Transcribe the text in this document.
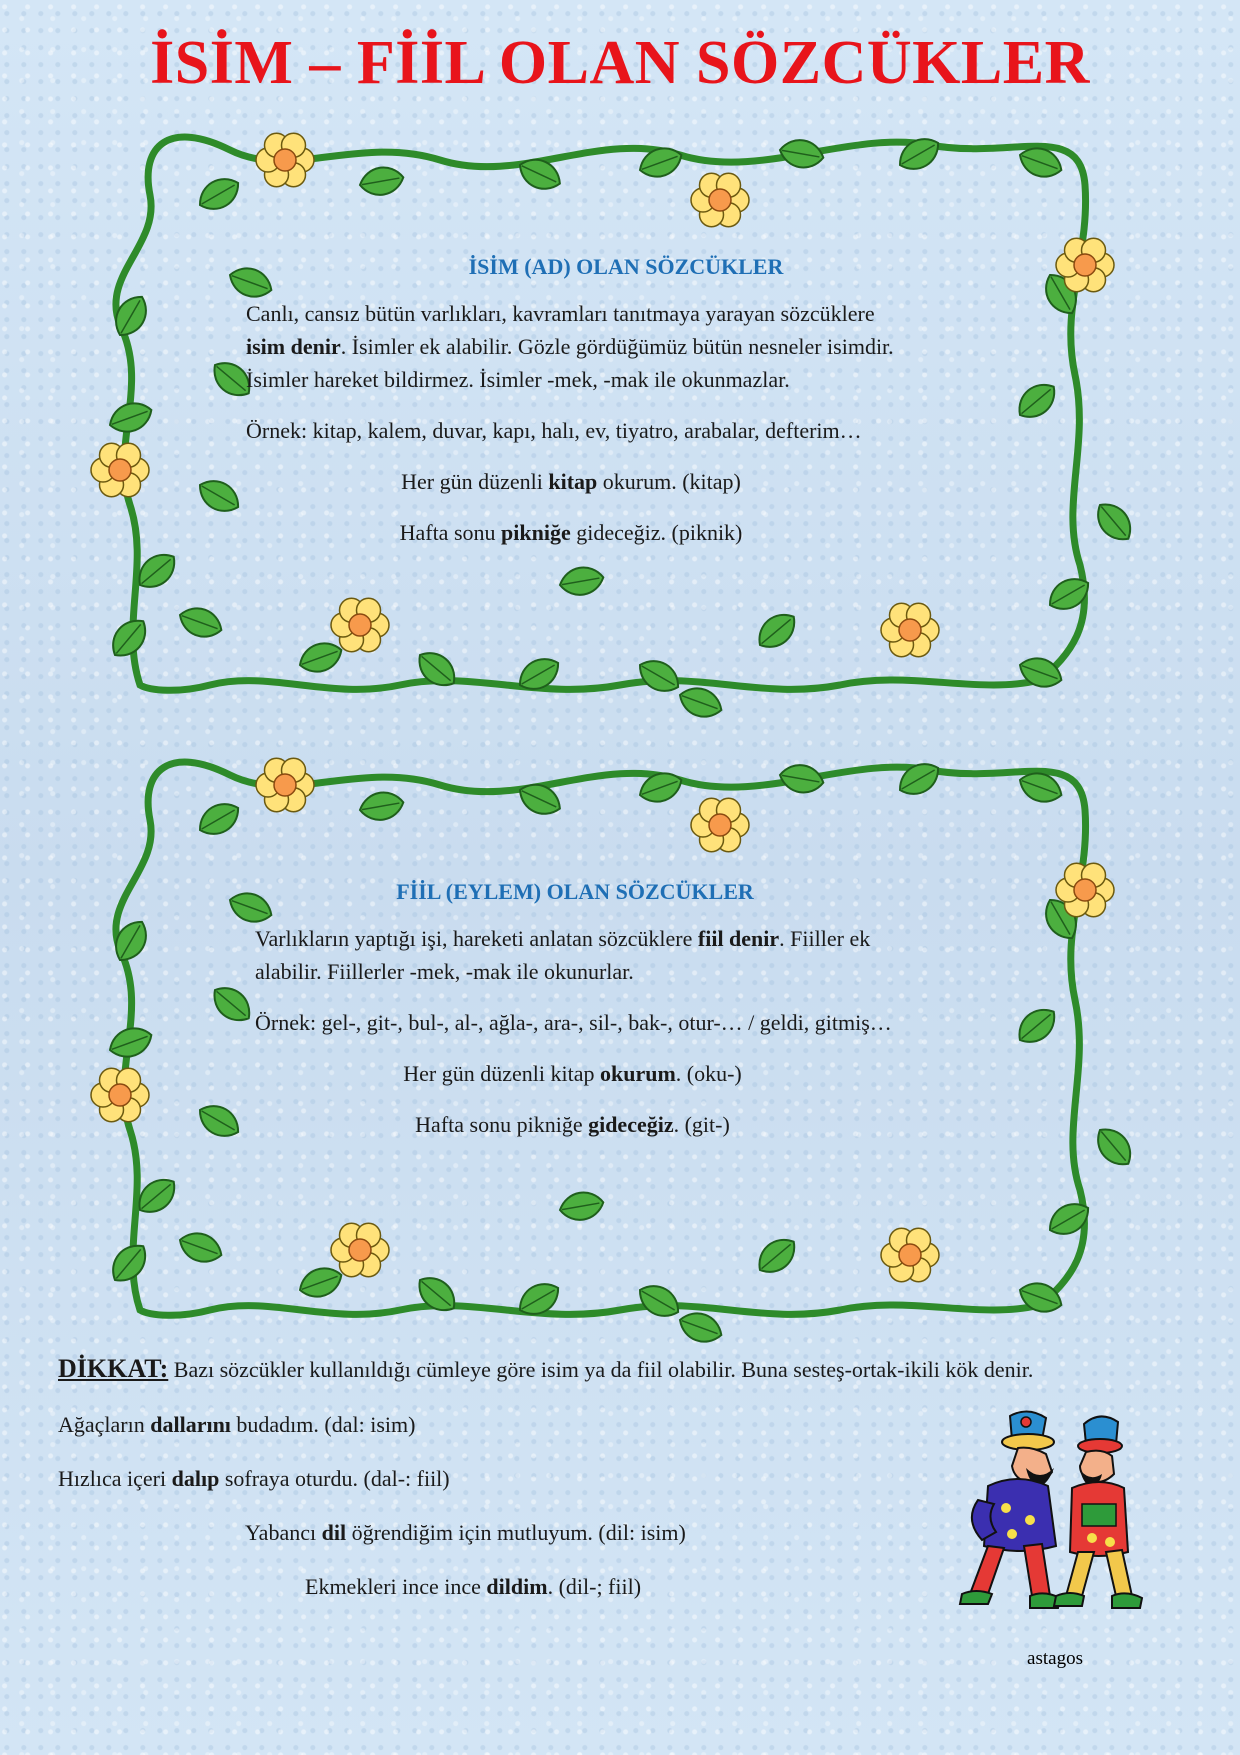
İSİM – FİİL OLAN SÖZCÜKLER
İSİM (AD) OLAN SÖZCÜKLER

Canlı, cansız bütün varlıkları, kavramları tanıtmaya yarayan sözcüklere
isim denir. İsimler ek alabilir. Gözle gördüğümüz bütün nesneler isimdir.
İsimler hareket bildirmez. İsimler -mek, -mak ile okunmazlar.

Örnek: kitap, kalem, duvar, kapı, halı, ev, tiyatro, arabalar, defterim…

Her gün düzenli kitap okurum. (kitap)

Hafta sonu pikniğe gideceğiz. (piknik)

FİİL (EYLEM) OLAN SÖZCÜKLER

Varlıkların yaptığı işi, hareketi anlatan sözcüklere fiil denir. Fiiller ek
alabilir. Fiillerler -mek, -mak ile okunurlar.

Örnek: gel-, git-, bul-, al-, ağla-, ara-, sil-, bak-, otur-… / geldi, gitmiş…

Her gün düzenli kitap okurum. (oku-)

Hafta sonu pikniğe gideceğiz. (git-)

DİKKAT: Bazı sözcükler kullanıldığı cümleye göre isim ya da fiil olabilir. Buna sesteş-ortak-ikili kök denir.
Ağaçların dallarını budadım. (dal: isim)
Hızlıca içeri dalıp sofraya oturdu. (dal-: fiil)
Yabancı dil öğrendiğim için mutluyum. (dil: isim)
Ekmekleri ince ince dildim. (dil-; fiil)
astagos
